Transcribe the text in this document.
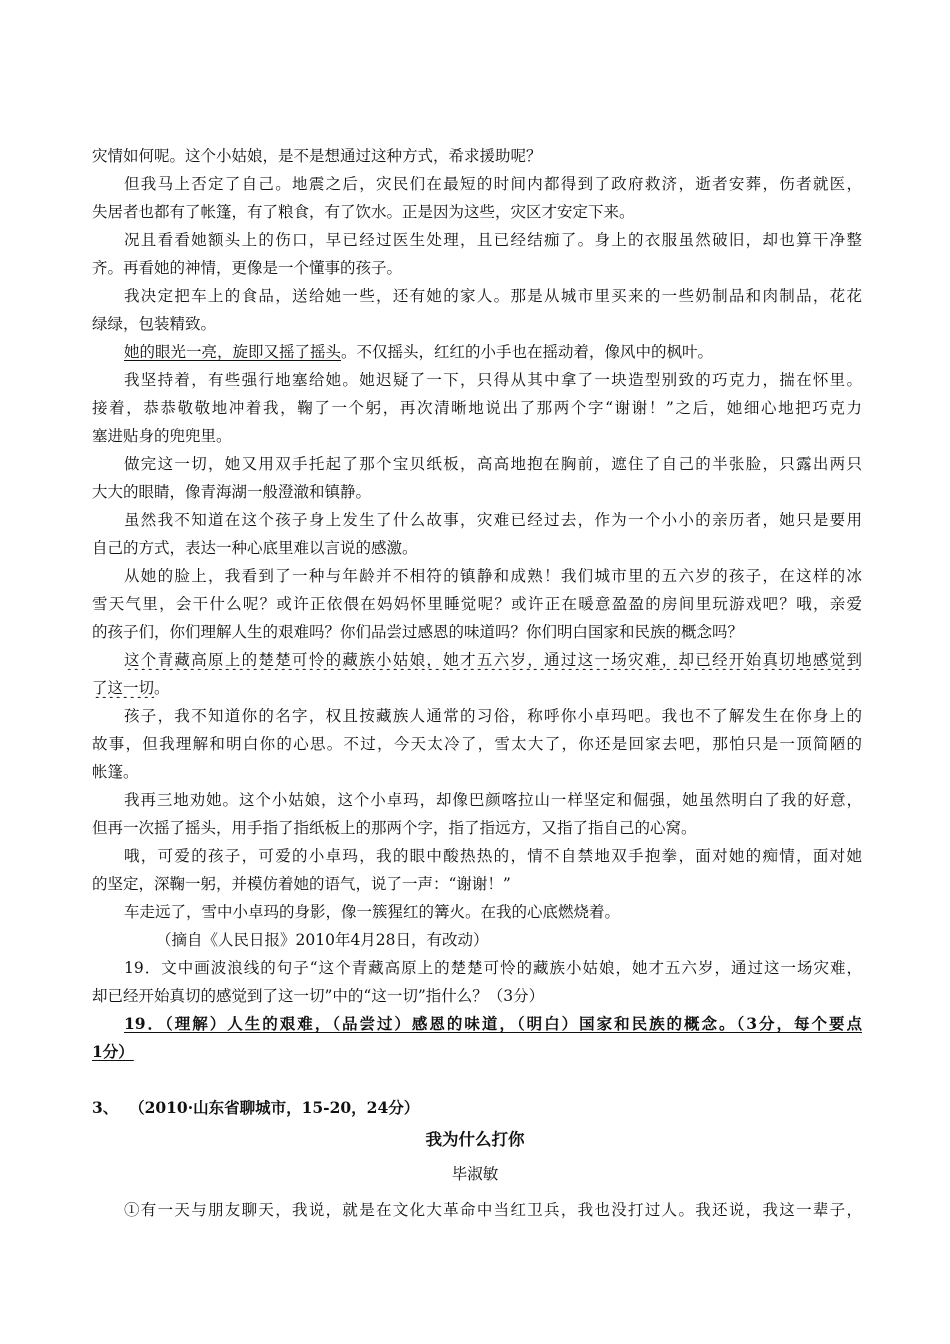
灾情如何呢。这个小姑娘，是不是想通过这种方式，希求援助呢？
但我马上否定了自己。地震之后，灾民们在最短的时间内都得到了政府救济，逝者安葬，伤者就医，
失居者也都有了帐篷，有了粮食，有了饮水。正是因为这些，灾区才安定下来。
况且看看她额头上的伤口，早已经过医生处理，且已经结痂了。身上的衣服虽然破旧，却也算干净整
齐。再看她的神情，更像是一个懂事的孩子。
我决定把车上的食品，送给她一些，还有她的家人。那是从城市里买来的一些奶制品和肉制品，花花
绿绿，包装精致。
她的眼光一亮，旋即又摇了摇头。不仅摇头，红红的小手也在摇动着，像风中的枫叶。
我坚持着，有些强行地塞给她。她迟疑了一下，只得从其中拿了一块造型别致的巧克力，揣在怀里。
接着，恭恭敬敬地冲着我，鞠了一个躬，再次清晰地说出了那两个字“谢谢！”之后，她细心地把巧克力
塞进贴身的兜兜里。
做完这一切，她又用双手托起了那个宝贝纸板，高高地抱在胸前，遮住了自己的半张脸，只露出两只
大大的眼睛，像青海湖一般澄澈和镇静。
虽然我不知道在这个孩子身上发生了什么故事，灾难已经过去，作为一个小小的亲历者，她只是要用
自己的方式，表达一种心底里难以言说的感激。
从她的脸上，我看到了一种与年龄并不相符的镇静和成熟！我们城市里的五六岁的孩子，在这样的冰
雪天气里，会干什么呢？或许正依偎在妈妈怀里睡觉呢？或许正在暖意盈盈的房间里玩游戏吧？哦，亲爱
的孩子们，你们理解人生的艰难吗？你们品尝过感恩的味道吗？你们明白国家和民族的概念吗？
这个青藏高原上的楚楚可怜的藏族小姑娘，她才五六岁，通过这一场灾难，却已经开始真切地感觉到
了这一切。
孩子，我不知道你的名字，权且按藏族人通常的习俗，称呼你小卓玛吧。我也不了解发生在你身上的
故事，但我理解和明白你的心思。不过，今天太冷了，雪太大了，你还是回家去吧，那怕只是一顶简陋的
帐篷。
我再三地劝她。这个小姑娘，这个小卓玛，却像巴颜喀拉山一样坚定和倔强，她虽然明白了我的好意，
但再一次摇了摇头，用手指了指纸板上的那两个字，指了指远方，又指了指自己的心窝。
哦，可爱的孩子，可爱的小卓玛，我的眼中酸热热的，情不自禁地双手抱拳，面对她的痴情，面对她
的坚定，深鞠一躬，并模仿着她的语气，说了一声：“谢谢！”
车走远了，雪中小卓玛的身影，像一簇猩红的篝火。在我的心底燃烧着。
（摘自《人民日报》2010年4月28日，有改动）
19．文中画波浪线的句子“这个青藏高原上的楚楚可怜的藏族小姑娘，她才五六岁，通过这一场灾难，
却已经开始真切的感觉到了这一切”中的“这一切”指什么？（3分）
19．（理解）人生的艰难，（品尝过）感恩的味道，（明白）国家和民族的概念。（3分，每个要点
1分）
3、  （2010·山东省聊城市，15-20，24分）
我为什么打你
毕淑敏
①有一天与朋友聊天，我说，就是在文化大革命中当红卫兵，我也没打过人。我还说，我这一辈子，
